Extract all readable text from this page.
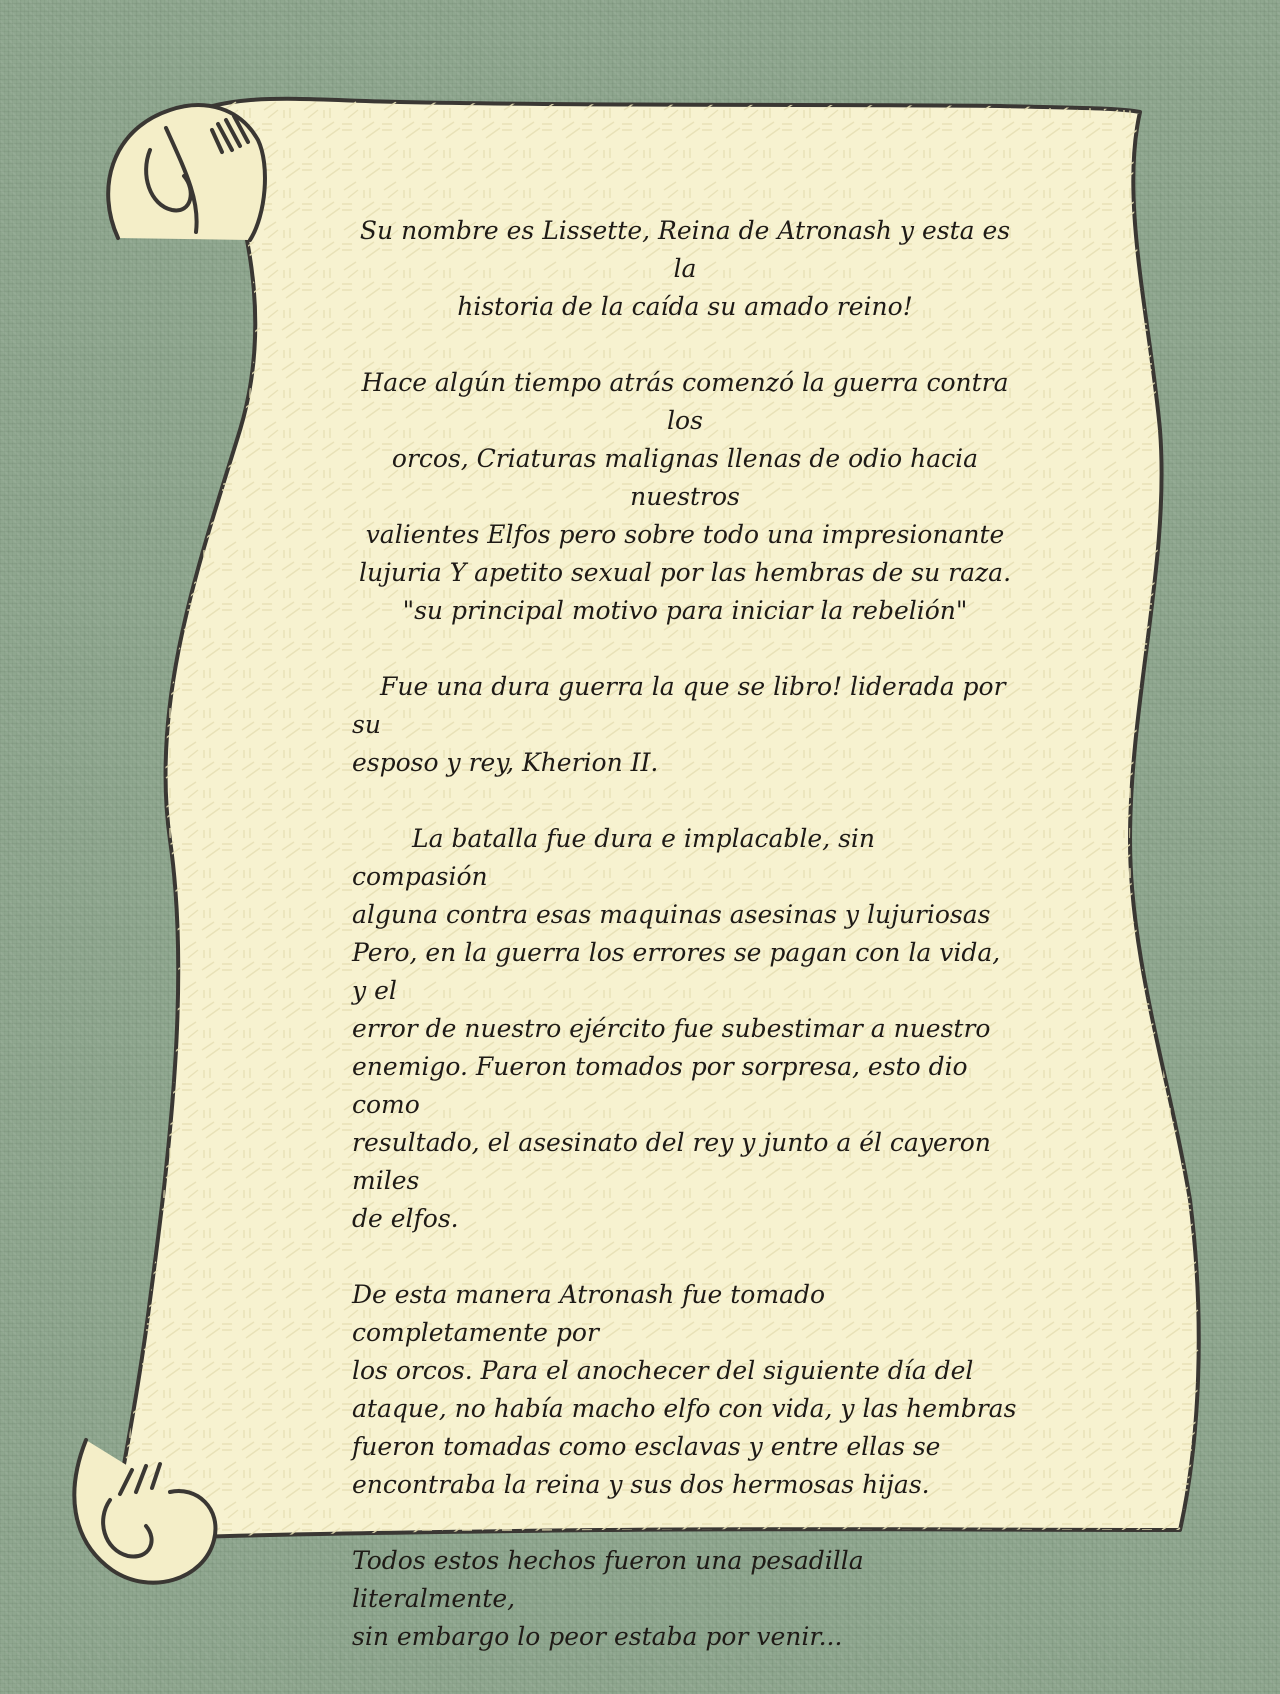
Su nombre es Lissette, Reina de Atronash y esta es la
historia de la caída su amado reino!

Hace algún tiempo atrás comenzó la guerra contra los
orcos, Criaturas malignas llenas de odio hacia nuestros
valientes Elfos pero sobre todo una impresionante
lujuria Y apetito sexual por las hembras de su raza.
"su principal motivo para iniciar la rebelión"

Fue una dura guerra la que se libro! liderada por su
esposo y rey, Kherion II.

La batalla fue dura e implacable, sin compasión
alguna contra esas maquinas asesinas y lujuriosas
Pero, en la guerra los errores se pagan con la vida, y el
error de nuestro ejército fue subestimar a nuestro
enemigo. Fueron tomados por sorpresa, esto dio como
resultado, el asesinato del rey y junto a él cayeron miles
de elfos.

De esta manera Atronash fue tomado completamente por
los orcos. Para el anochecer del siguiente día del
ataque, no había macho elfo con vida, y las hembras
fueron tomadas como esclavas y entre ellas se
encontraba la reina y sus dos hermosas hijas.

Todos estos hechos fueron una pesadilla literalmente,
sin embargo lo peor estaba por venir...
